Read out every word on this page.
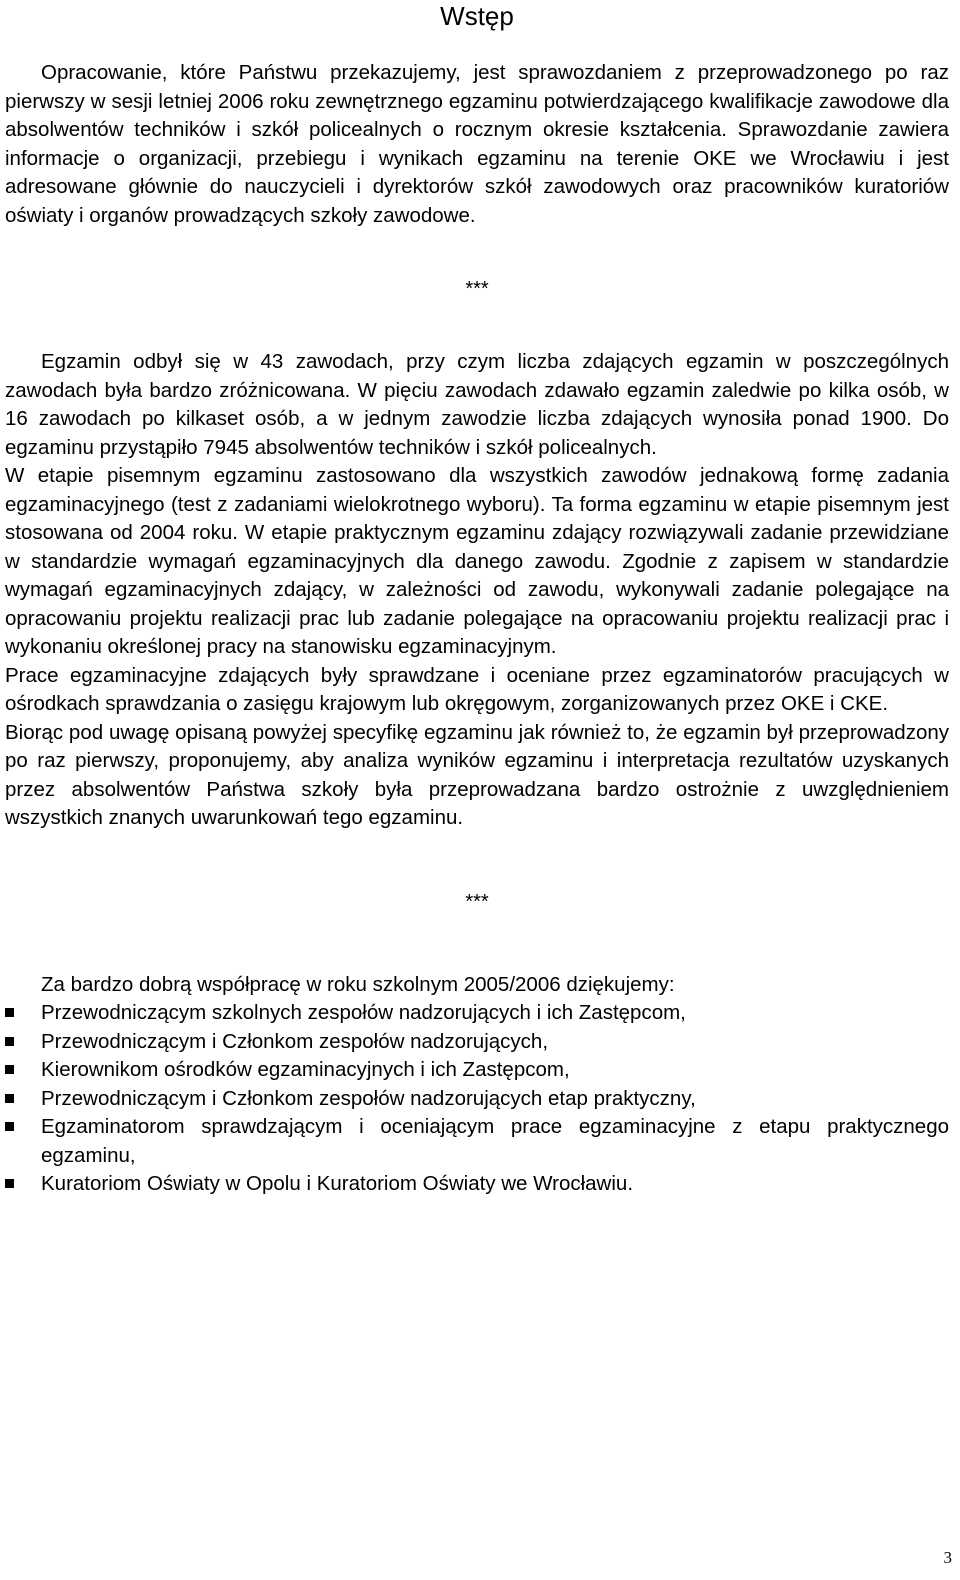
Wstęp

Opracowanie, które Państwu przekazujemy, jest sprawozdaniem z przeprowadzonego po raz pierwszy w sesji letniej 2006 roku zewnętrznego egzaminu potwierdzającego kwalifikacje zawodowe dla absolwentów techników i szkół policealnych o rocznym okresie kształcenia. Sprawozdanie zawiera informacje o organizacji, przebiegu i wynikach egzaminu na terenie OKE we Wrocławiu i jest adresowane głównie do nauczycieli i dyrektorów szkół zawodowych oraz pracowników kuratoriów oświaty i organów prowadzących szkoły zawodowe.

***

Egzamin odbył się w 43 zawodach, przy czym liczba zdających egzamin w poszczególnych zawodach była bardzo zróżnicowana. W pięciu zawodach zdawało egzamin zaledwie po kilka osób, w 16 zawodach po kilkaset osób, a w jednym zawodzie liczba zdających wynosiła ponad 1900. Do egzaminu przystąpiło 7945 absolwentów techników i szkół policealnych.

W etapie pisemnym egzaminu zastosowano dla wszystkich zawodów jednakową formę zadania egzaminacyjnego (test z zadaniami wielokrotnego wyboru). Ta forma egzaminu w etapie pisemnym jest stosowana od 2004 roku. W etapie praktycznym egzaminu zdający rozwiązywali zadanie przewidziane w standardzie wymagań egzaminacyjnych dla danego zawodu. Zgodnie z zapisem w standardzie wymagań egzaminacyjnych zdający, w zależności od zawodu, wykonywali zadanie polegające na opracowaniu projektu realizacji prac lub zadanie polegające na opracowaniu projektu realizacji prac i wykonaniu określonej pracy na stanowisku egzaminacyjnym.

Prace egzaminacyjne zdających były sprawdzane i oceniane przez egzaminatorów pracujących w ośrodkach sprawdzania o zasięgu krajowym lub okręgowym, zorganizowanych przez OKE i CKE.

Biorąc pod uwagę opisaną powyżej specyfikę egzaminu jak również to, że egzamin był przeprowadzony po raz pierwszy, proponujemy, aby analiza wyników egzaminu i interpretacja rezultatów uzyskanych przez absolwentów Państwa szkoły była przeprowadzana bardzo ostrożnie z uwzględnieniem wszystkich znanych uwarunkowań tego egzaminu.

***

Za bardzo dobrą współpracę w roku szkolnym 2005/2006 dziękujemy:

Przewodniczącym szkolnych zespołów nadzorujących i ich Zastępcom,
Przewodniczącym i Członkom zespołów nadzorujących,
Kierownikom ośrodków egzaminacyjnych i ich Zastępcom,
Przewodniczącym i Członkom zespołów nadzorujących etap praktyczny,
Egzaminatorom sprawdzającym i oceniającym prace egzaminacyjne z etapu praktycznego egzaminu,
Kuratoriom Oświaty w Opolu i Kuratoriom Oświaty we Wrocławiu.
3
